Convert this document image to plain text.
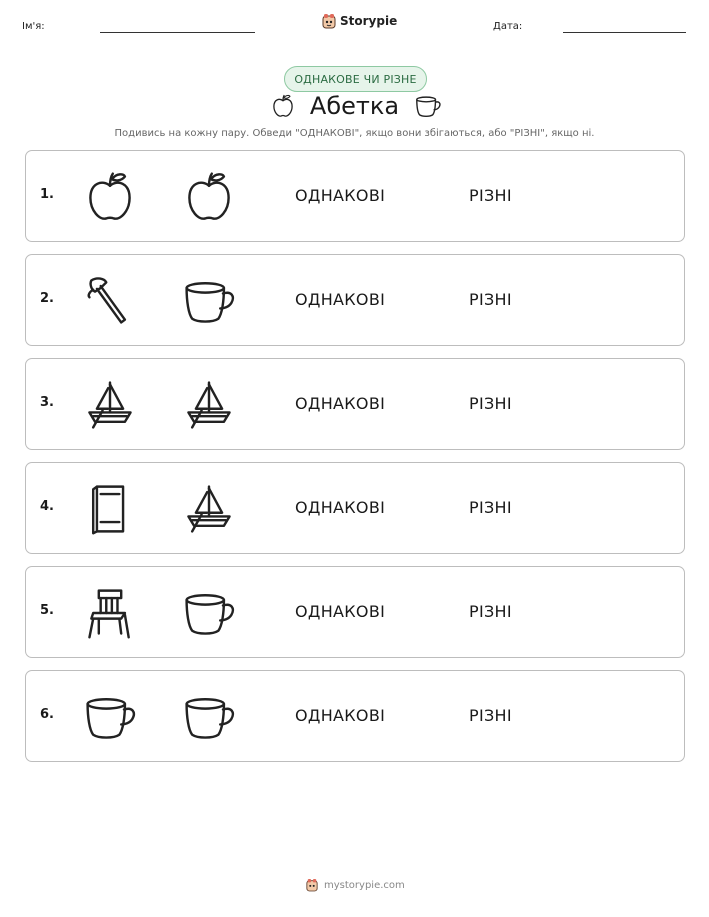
Ім'я:	Storypie	Дата:
ОДНАКОВЕ ЧИ РІЗНЕ
Абетка
Подивись на кожну пару. Обведи "ОДНАКОВІ", якщо вони збігаються, або "РІЗНІ", якщо ні.
1.	ОДНАКОВІ	РІЗНІ
2.	ОДНАКОВІ	РІЗНІ
3.	ОДНАКОВІ	РІЗНІ
4.	ОДНАКОВІ	РІЗНІ
5.	ОДНАКОВІ	РІЗНІ
6.	ОДНАКОВІ	РІЗНІ
mystorypie.com
